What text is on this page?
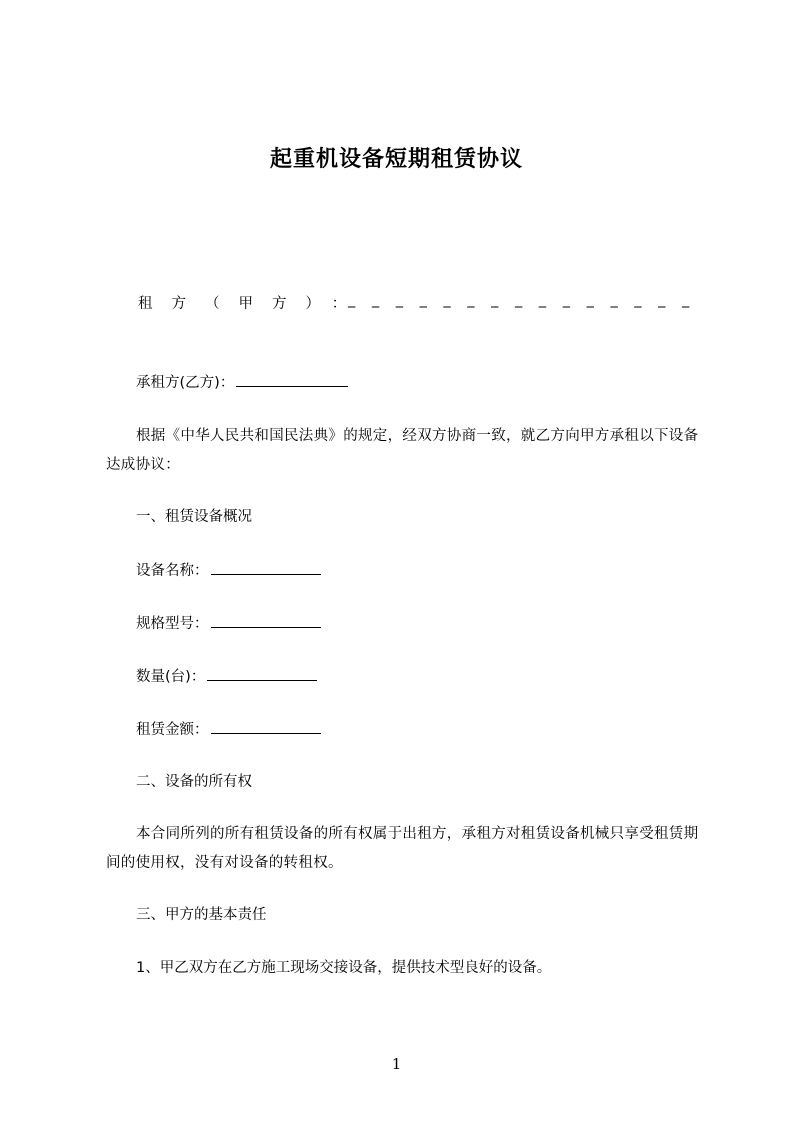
起重机设备短期租赁协议
租方（甲方）：
_ _ _ _ _ _ _ _ _ _ _ _ _ _ _
承租方(乙方)：
根据《中华人民共和国民法典》的规定，经双方协商一致，就乙方向甲方承租以下设备达成协议：
一、租赁设备概况
设备名称：
规格型号：
数量(台)：
租赁金额：
二、设备的所有权
本合同所列的所有租赁设备的所有权属于出租方，承租方对租赁设备机械只享受租赁期间的使用权，没有对设备的转租权。
三、甲方的基本责任
1、甲乙双方在乙方施工现场交接设备，提供技术型良好的设备。
1
